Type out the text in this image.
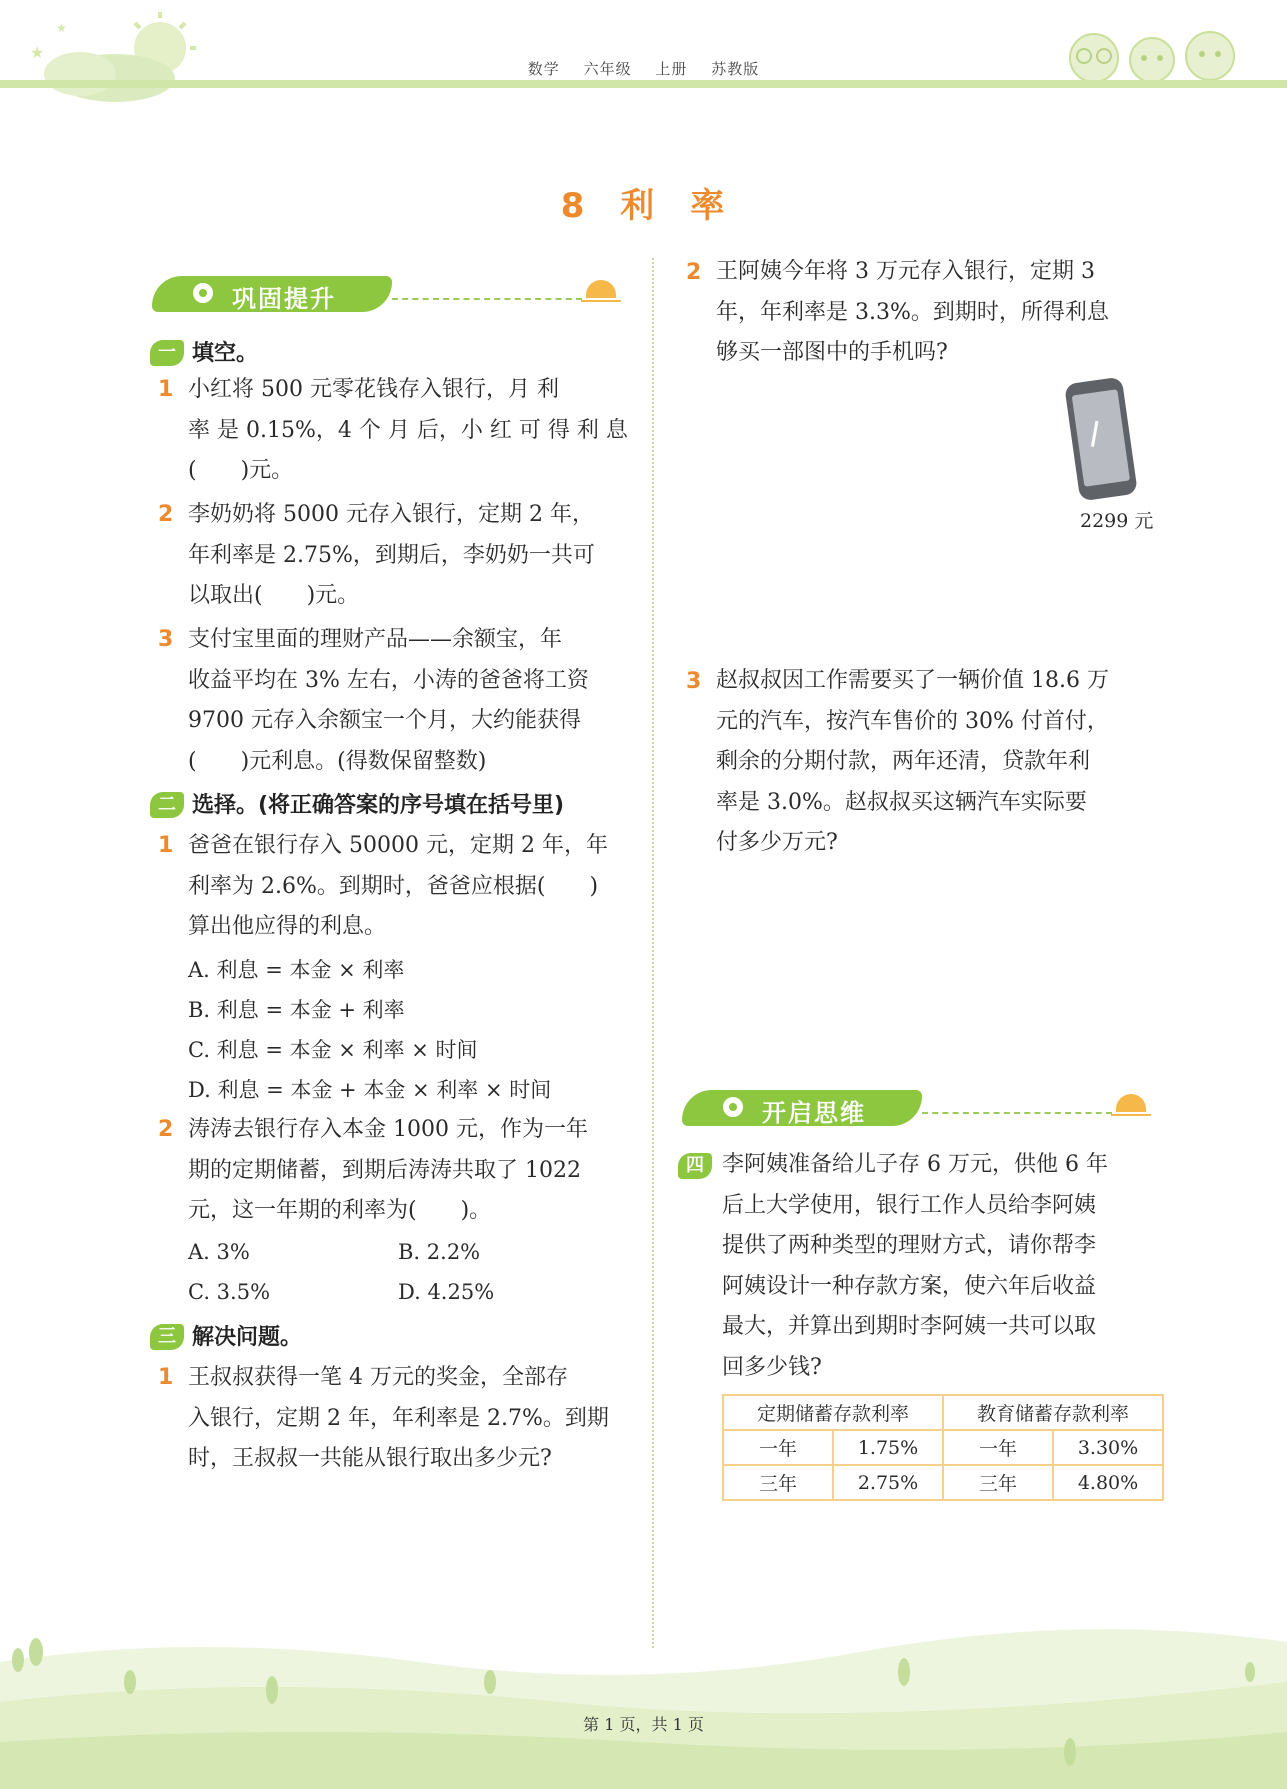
★
★
数学 六年级 上册 苏教版
8 利 率
巩固提升
一 填空。
1 小红将 500 元零花钱存入银行，月 利
率 是 0.15%，4 个 月 后，小 红 可 得 利 息
(　　)元。
2 李奶奶将 5000 元存入银行，定期 2 年，
年利率是 2.75%，到期后，李奶奶一共可
以取出(　　)元。
3 支付宝里面的理财产品——余额宝，年
收益平均在 3% 左右，小涛的爸爸将工资
9700 元存入余额宝一个月，大约能获得
(　　)元利息。(得数保留整数)
二 选择。(将正确答案的序号填在括号里)
1 爸爸在银行存入 50000 元，定期 2 年，年
利率为 2.6%。到期时，爸爸应根据(　　)
算出他应得的利息。
A. 利息 = 本金 × 利率
B. 利息 = 本金 + 利率
C. 利息 = 本金 × 利率 × 时间
D. 利息 = 本金 + 本金 × 利率 × 时间
2 涛涛去银行存入本金 1000 元，作为一年
期的定期储蓄，到期后涛涛共取了 1022
元，这一年期的利率为(　　)。
A. 3%	B. 2.2%
C. 3.5%	D. 4.25%
三 解决问题。
1 王叔叔获得一笔 4 万元的奖金，全部存
入银行，定期 2 年，年利率是 2.7%。到期
时，王叔叔一共能从银行取出多少元?
2 王阿姨今年将 3 万元存入银行，定期 3
年，年利率是 3.3%。到期时，所得利息
够买一部图中的手机吗?
2299 元
3 赵叔叔因工作需要买了一辆价值 18.6 万
元的汽车，按汽车售价的 30% 付首付，
剩余的分期付款，两年还清，贷款年利
率是 3.0%。赵叔叔买这辆汽车实际要
付多少万元?
开启思维
四 李阿姨准备给儿子存 6 万元，供他 6 年
后上大学使用，银行工作人员给李阿姨
提供了两种类型的理财方式，请你帮李
阿姨设计一种存款方案，使六年后收益
最大，并算出到期时李阿姨一共可以取
回多少钱?
定期储蓄存款利率		教育储蓄存款利率	
一年	1.75%	一年	3.30%
三年	2.75%	三年	4.80%
第 1 页，共 1 页
